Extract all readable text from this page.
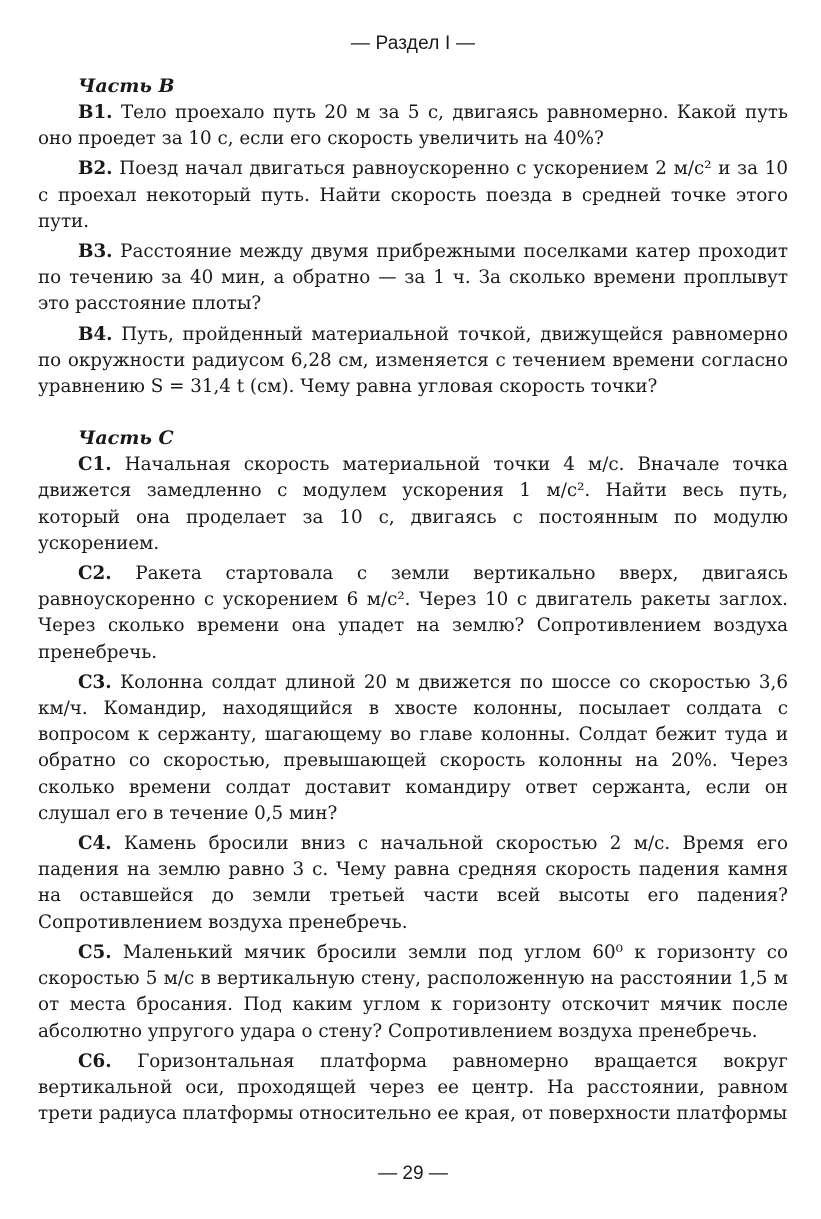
— Раздел I —
Часть B

В1. Тело проехало путь 20 м за 5 с, двигаясь равномерно. Какой путь оно проедет за 10 с, если его скорость увеличить на 40%?

В2. Поезд начал двигаться равноускоренно с ускорением 2 м/с² и за 10 с проехал некоторый путь. Найти скорость поезда в средней точке этого пути.

В3. Расстояние между двумя прибрежными поселками катер проходит по течению за 40 мин, а обратно — за 1 ч. За сколько времени проплывут это расстояние плоты?

В4. Путь, пройденный материальной точкой, движущейся равномерно по окружности радиусом 6,28 см, изменяется с течением времени согласно уравнению S = 31,4 t (см). Чему равна угловая скорость точки?

Часть C

С1. Начальная скорость материальной точки 4 м/с. Вначале точка движется замедленно с модулем ускорения 1 м/с². Найти весь путь, который она проделает за 10 с, двигаясь с постоянным по модулю ускорением.

С2. Ракета стартовала с земли вертикально вверх, двигаясь равноускоренно с ускорением 6 м/с². Через 10 с двигатель ракеты заглох. Через сколько времени она упадет на землю? Сопротивлением воздуха пренебречь.

С3. Колонна солдат длиной 20 м движется по шоссе со скоростью 3,6 км/ч. Командир, находящийся в хвосте колонны, посылает солдата с вопросом к сержанту, шагающему во главе колонны. Солдат бежит туда и обратно со скоростью, превышающей скорость колонны на 20%. Через сколько времени солдат доставит командиру ответ сержанта, если он слушал его в течение 0,5 мин?

С4. Камень бросили вниз с начальной скоростью 2 м/с. Время его падения на землю равно 3 с. Чему равна средняя скорость падения камня на оставшейся до земли третьей части всей высоты его падения? Сопротивлением воздуха пренебречь.

С5. Маленький мячик бросили земли под углом 60⁰ к горизонту со скоростью 5 м/с в вертикальную стену, расположенную на расстоянии 1,5 м от места бросания. Под каким углом к горизонту отскочит мячик после абсолютно упругого удара о стену? Сопротивлением воздуха пренебречь.

С6. Горизонтальная платформа равномерно вращается вокруг вертикальной оси, проходящей через ее центр. На расстоянии, равном трети радиуса платформы относительно ее края, от поверхности платформы

— 29 —
